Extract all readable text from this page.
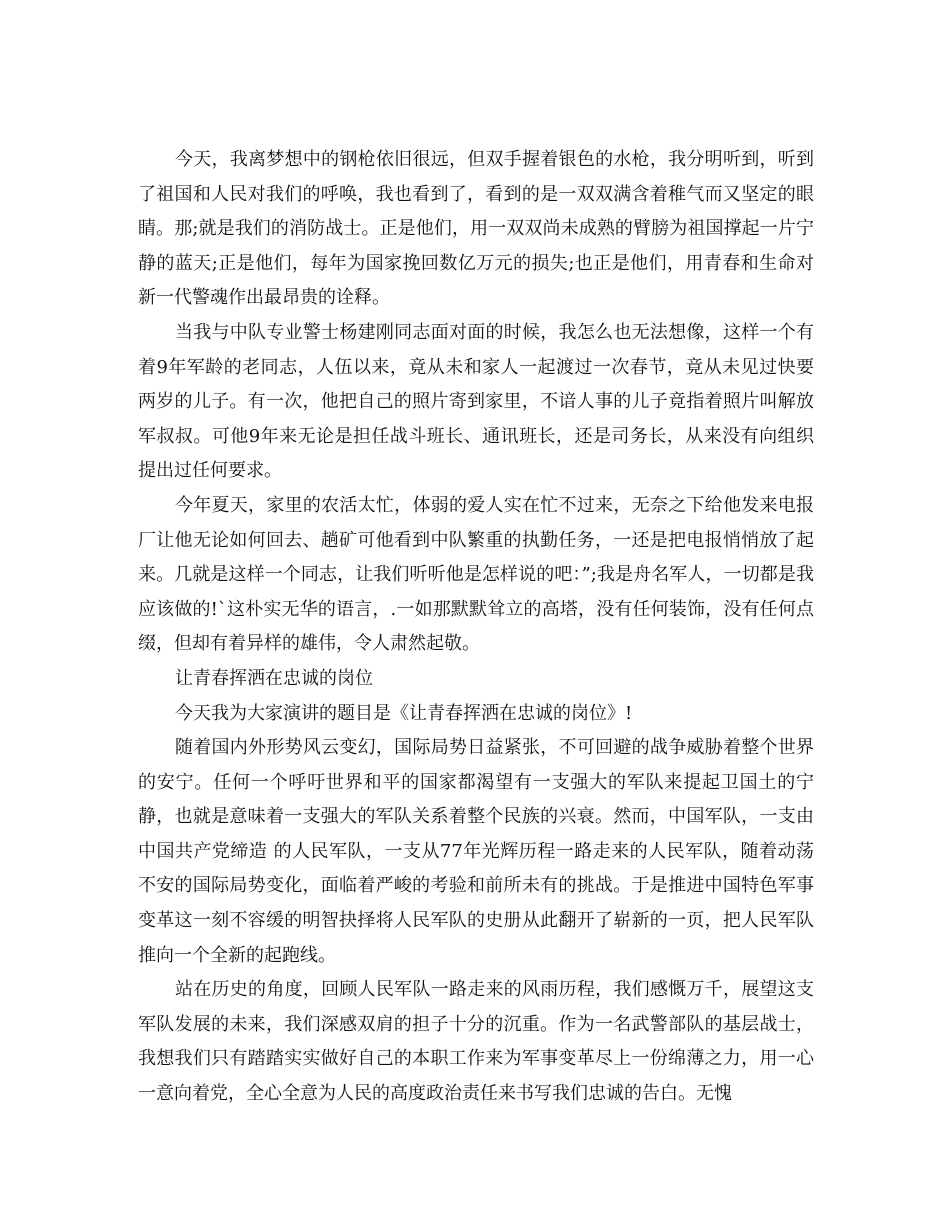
今天，我离梦想中的钢枪依旧很远，但双手握着银色的水枪，我分明听到，听到了祖国和人民对我们的呼唤，我也看到了，看到的是一双双满含着稚气而又坚定的眼睛。那;就是我们的消防战士。正是他们，用一双双尚未成熟的臂膀为祖国撑起一片宁静的蓝天;正是他们，每年为国家挽回数亿万元的损失;也正是他们，用青春和生命对新一代警魂作出最昂贵的诠释。

当我与中队专业警士杨建刚同志面对面的时候，我怎么也无法想像，这样一个有着9年军龄的老同志，人伍以来，竟从未和家人一起渡过一次春节，竟从未见过快要两岁的儿子。有一次，他把自己的照片寄到家里，不谙人事的儿子竟指着照片叫解放军叔叔。可他9年来无论是担任战斗班长、通讯班长，还是司务长，从来没有向组织提出过任何要求。

今年夏天，家里的农活太忙，体弱的爱人实在忙不过来，无奈之下给他发来电报厂让他无论如何回去、趟矿可他看到中队繁重的执勤任务，一还是把电报悄悄放了起来。几就是这样一个同志，让我们听听他是怎样说的吧：”;我是舟名军人，一切都是我应该做的!`这朴实无华的语言，.一如那默默耸立的高塔，没有任何装饰，没有任何点缀，但却有着异样的雄伟，令人肃然起敬。

让青春挥洒在忠诚的岗位

今天我为大家演讲的题目是《让青春挥洒在忠诚的岗位》!

随着国内外形势风云变幻，国际局势日益紧张，不可回避的战争威胁着整个世界的安宁。任何一个呼吁世界和平的国家都渴望有一支强大的军队来提起卫国土的宁静，也就是意味着一支强大的军队关系着整个民族的兴衰。然而，中国军队，一支由中国共产党缔造 的人民军队，一支从77年光辉历程一路走来的人民军队，随着动荡不安的国际局势变化，面临着严峻的考验和前所未有的挑战。于是推进中国特色军事变革这一刻不容缓的明智抉择将人民军队的史册从此翻开了崭新的一页，把人民军队推向一个全新的起跑线。

站在历史的角度，回顾人民军队一路走来的风雨历程，我们感慨万千，展望这支军队发展的未来，我们深感双肩的担子十分的沉重。作为一名武警部队的基层战士，我想我们只有踏踏实实做好自己的本职工作来为军事变革尽上一份绵薄之力，用一心一意向着党，全心全意为人民的高度政治责任来书写我们忠诚的告白。无愧
